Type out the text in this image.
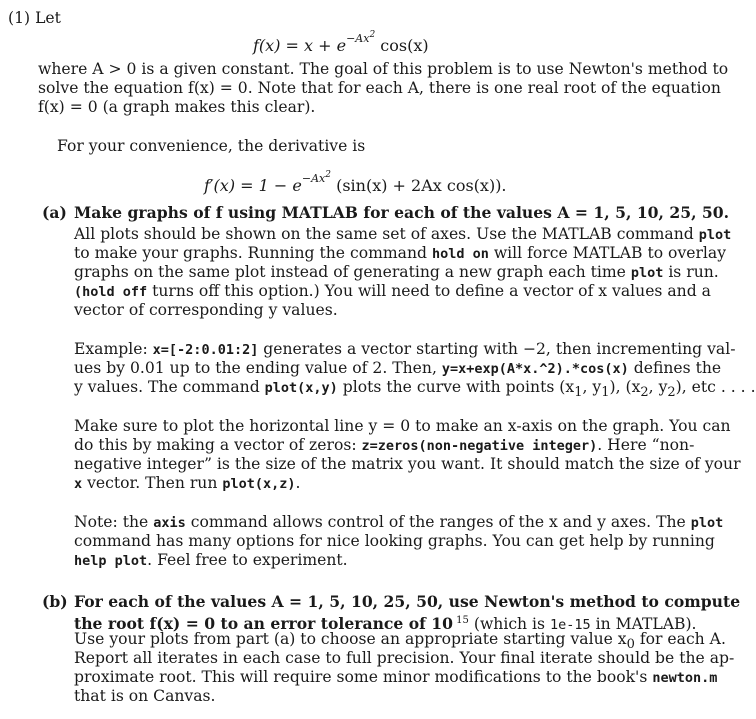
(1) Let
$f(x) = x + e^{-Ax^2}$ cos(x)
where A > 0 is a given constant. The goal of this problem is to use Newton's method to
solve the equation f(x) = 0. Note that for each A, there is one real root of the equation
f(x) = 0 (a graph makes this clear).
For your convenience, the derivative is
$f'(x) = 1 - e^{-Ax^2}$ (sin(x) + 2Ax cos(x)).
(a) Make graphs of f using MATLAB for each of the values A = 1, 5, 10, 25, 50.
All plots should be shown on the same set of axes. Use the MATLAB command plot
to make your graphs. Running the command hold on will force MATLAB to overlay
graphs on the same plot instead of generating a new graph each time plot is run.
(hold off turns off this option.) You will need to define a vector of x values and a
vector of corresponding y values.
Example: x=[-2:0.01:2] generates a vector starting with −2, then incrementing val-
ues by 0.01 up to the ending value of 2. Then, y=x+exp(A*x.^2).*cos(x) defines the
y values. The command plot(x,y) plots the curve with points ($x_1$, $y_1$), ($x_2$, $y_2$), etc . . . .
Make sure to plot the horizontal line y = 0 to make an x-axis on the graph. You can
do this by making a vector of zeros: z=zeros(non-negative integer). Here “non-
negative integer” is the size of the matrix you want. It should match the size of your
x vector. Then run plot(x,z).
Note: the axis command allows control of the ranges of the x and y axes. The plot
command has many options for nice looking graphs. You can get help by running
help plot. Feel free to experiment.
(b) For each of the values A = 1, 5, 10, 25, 50, use Newton's method to compute
the root f(x) = 0 to an error tolerance of 10 $^{15}$ (which is 1e-15 in MATLAB).
Use your plots from part (a) to choose an appropriate starting value $x_0$ for each A.
Report all iterates in each case to full precision. Your final iterate should be the ap-
proximate root. This will require some minor modifications to the book's newton.m
that is on Canvas.
